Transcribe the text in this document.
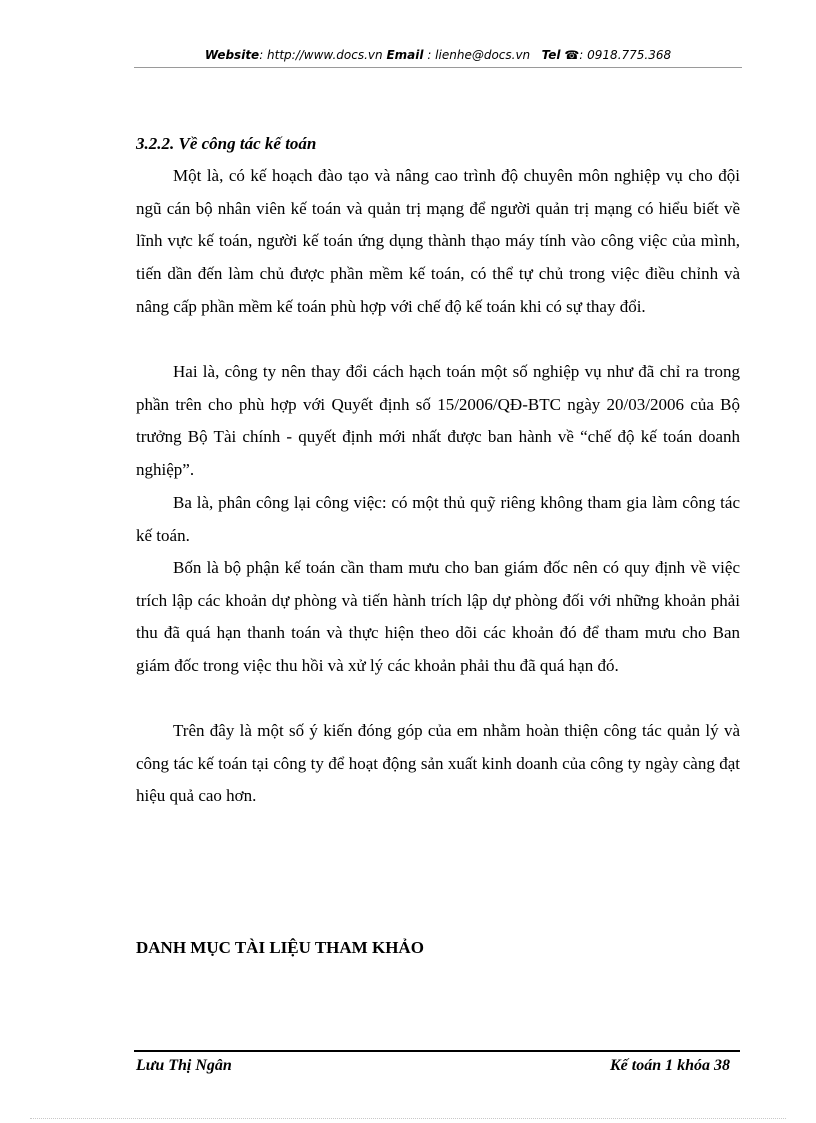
Website: http://www.docs.vn Email : lienhe@docs.vn Tel ☎: 0918.775.368
3.2.2. Về công tác kế toán

Một là, có kế hoạch đào tạo và nâng cao trình độ chuyên môn nghiệp vụ cho đội ngũ cán bộ nhân viên kế toán và quản trị mạng để người quản trị mạng có hiểu biết về lĩnh vực kế toán, người kế toán ứng dụng thành thạo máy tính vào công việc của mình, tiến dần đến làm chủ được phần mềm kế toán, có thể tự chủ trong việc điều chỉnh và nâng cấp phần mềm kế toán phù hợp với chế độ kế toán khi có sự thay đổi.

Hai là, công ty nên thay đổi cách hạch toán một số nghiệp vụ như đã chỉ ra trong phần trên cho phù hợp với Quyết định số 15/2006/QĐ-BTC ngày 20/03/2006 của Bộ trưởng Bộ Tài chính - quyết định mới nhất được ban hành về “chế độ kế toán doanh nghiệp”.

Ba là, phân công lại công việc: có một thủ quỹ riêng không tham gia làm công tác kế toán.

Bốn là bộ phận kế toán cần tham mưu cho ban giám đốc nên có quy định về việc trích lập các khoản dự phòng và tiến hành trích lập dự phòng đối với những khoản phải thu đã quá hạn thanh toán và thực hiện theo dõi các khoản đó để tham mưu cho Ban giám đốc trong việc thu hồi và xử lý các khoản phải thu đã quá hạn đó.

Trên đây là một số ý kiến đóng góp của em nhằm hoàn thiện công tác quản lý và công tác kế toán tại công ty để hoạt động sản xuất kinh doanh của công ty ngày càng đạt hiệu quả cao hơn.

DANH MỤC TÀI LIỆU THAM KHẢO
Lưu Thị Ngân	Kế toán 1 khóa 38
